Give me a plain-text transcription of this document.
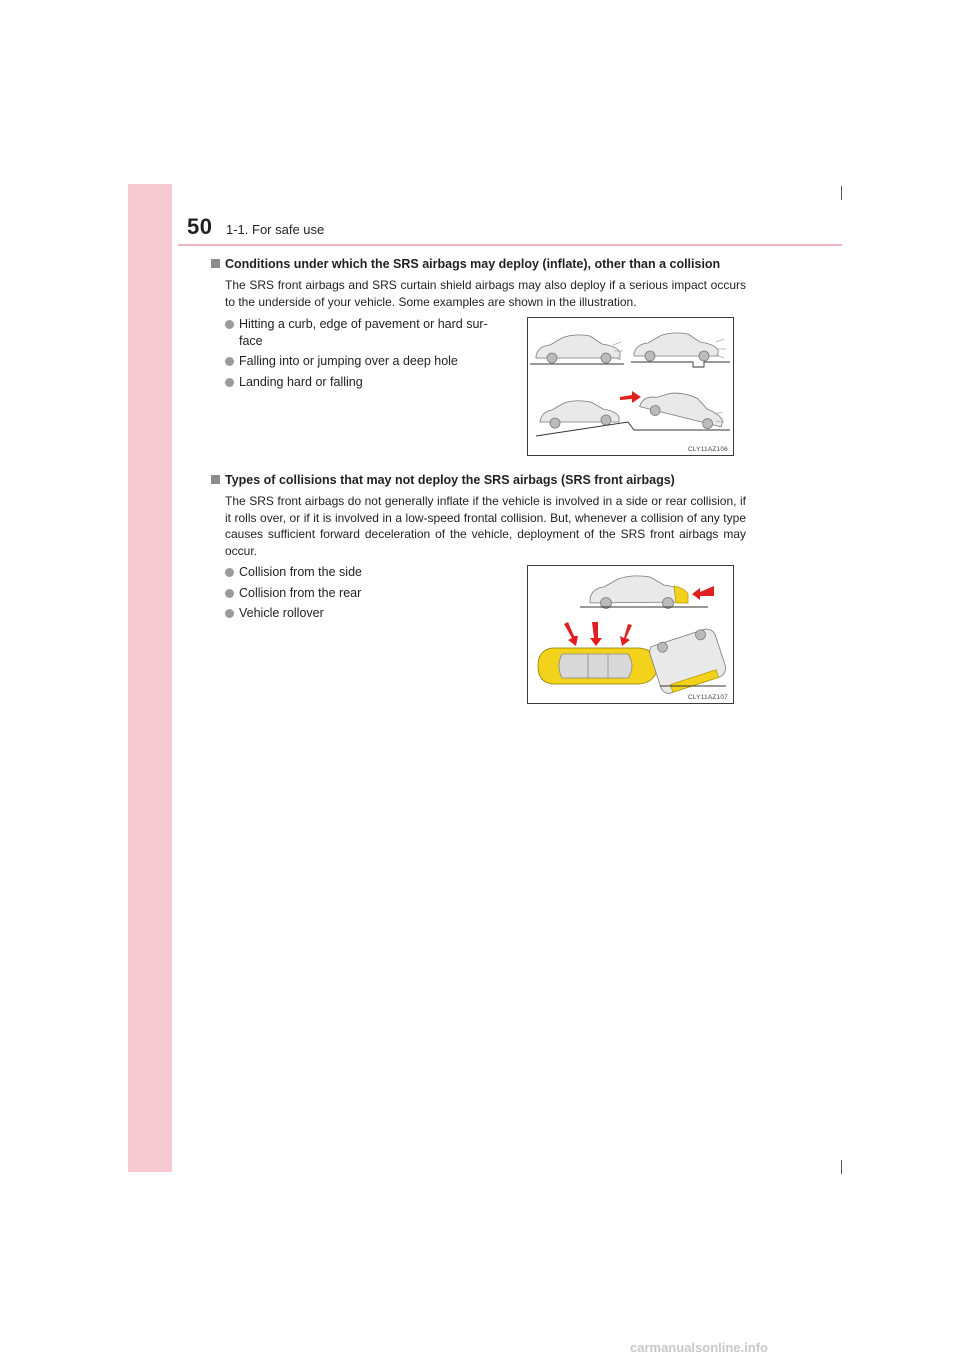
50 1-1. For safe use
Conditions under which the SRS airbags may deploy (inflate), other than a collision
The SRS front airbags and SRS curtain shield airbags may also deploy if a serious impact occurs to the underside of your vehicle. Some examples are shown in the illustration.
Hitting a curb, edge of pavement or hard sur- face
Falling into or jumping over a deep hole
Landing hard or falling
CLY11AZ106
Types of collisions that may not deploy the SRS airbags (SRS front airbags)
The SRS front airbags do not generally inflate if the vehicle is involved in a side or rear collision, if it rolls over, or if it is involved in a low-speed frontal collision. But, whenever a collision of any type causes sufficient forward deceleration of the vehicle, deployment of the SRS front airbags may occur.
Collision from the side
Collision from the rear
Vehicle rollover
CLY11AZ107
carmanualsonline.info
